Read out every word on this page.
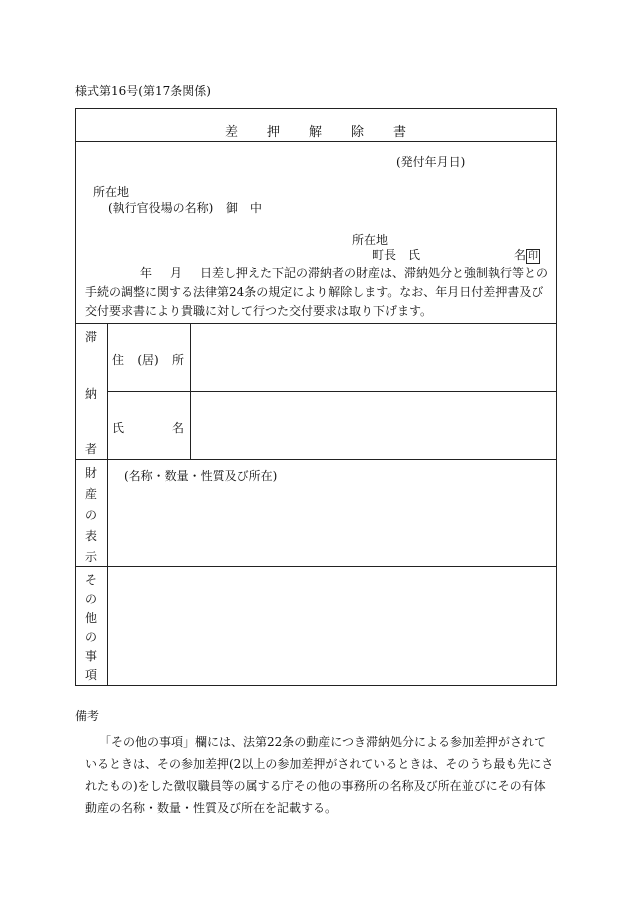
様式第16号(第17条関係)
差 押 解 除 書
(発付年月日)
所在地
(執行官役場の名称) 御　中
所在地
町長　氏	名 印
年 月 日差し押えた下記の滞納者の財産は、滞納処分と強制執行等との手続の調整に関する法律第24条の規定により解除します。なお、年月日付差押書及び交付要求書により貴職に対して行つた交付要求は取り下げます。
滞
納
者
住 (居) 所
氏	名
財
産
の
表
示
(名称・数量・性質及び所在)
そ
の
他
の
事
項
備考
「その他の事項」欄には、法第22条の動産につき滞納処分による参加差押がされているときは、その参加差押(2以上の参加差押がされているときは、そのうち最も先にされたもの)をした徴収職員等の属する庁その他の事務所の名称及び所在並びにその有体動産の名称・数量・性質及び所在を記載する。
